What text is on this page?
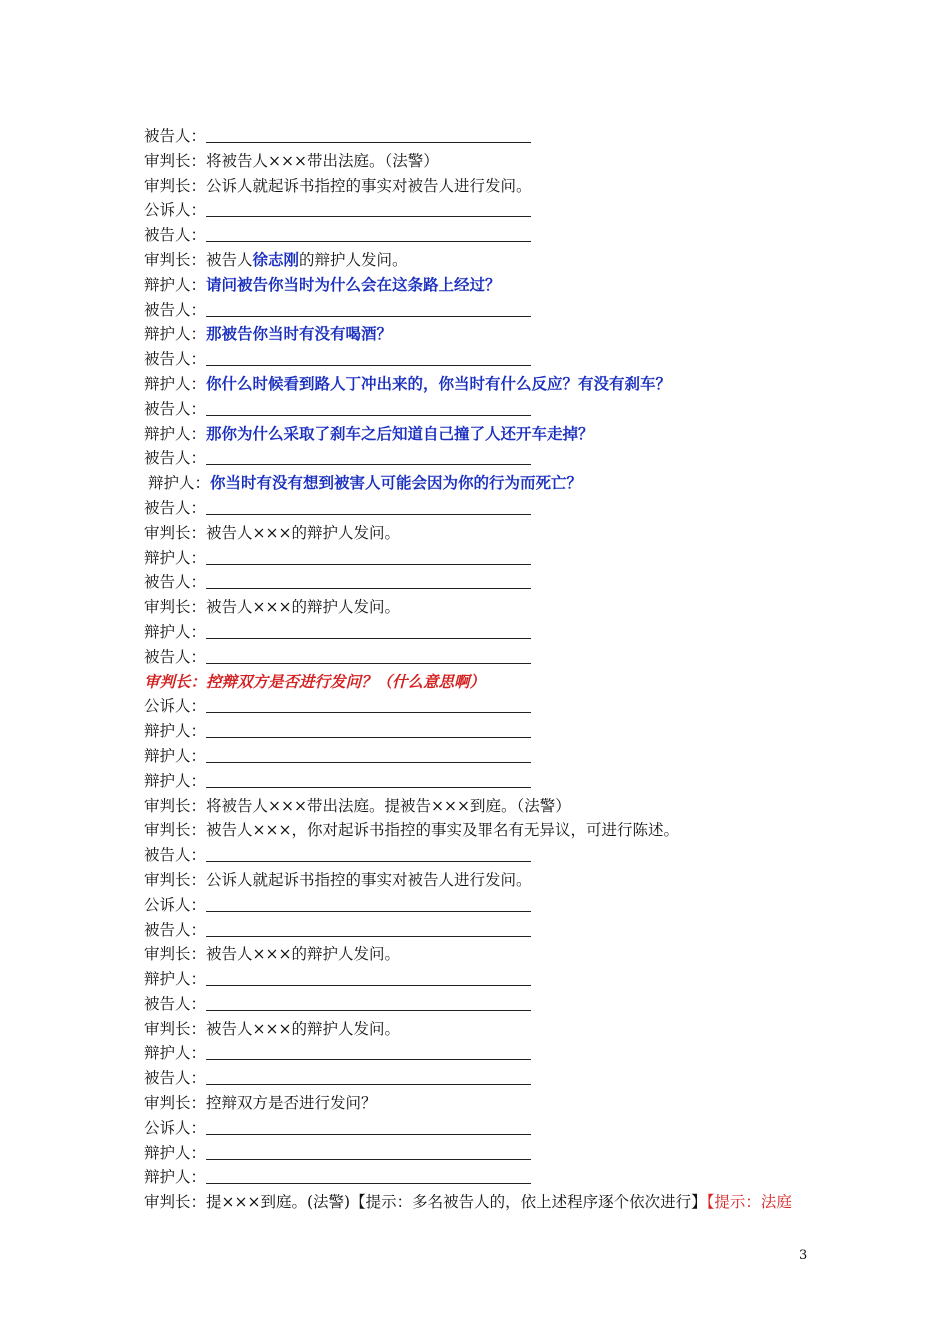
被告人：
审判长：将被告人×××带出法庭。（法警）
审判长：公诉人就起诉书指控的事实对被告人进行发问。
公诉人：
被告人：
审判长：被告人徐志刚的辩护人发问。
辩护人：请问被告你当时为什么会在这条路上经过？
被告人：
辩护人：那被告你当时有没有喝酒？
被告人：
辩护人：你什么时候看到路人丁冲出来的，你当时有什么反应？有没有刹车？
被告人：
辩护人：那你为什么采取了刹车之后知道自己撞了人还开车走掉？
被告人：
辩护人：你当时有没有想到被害人可能会因为你的行为而死亡？
被告人：
审判长：被告人×××的辩护人发问。
辩护人：
被告人：
审判长：被告人×××的辩护人发问。
辩护人：
被告人：
审判长：控辩双方是否进行发问？（什么意思啊）
公诉人：
辩护人：
辩护人：
辩护人：
审判长：将被告人×××带出法庭。提被告×××到庭。（法警）
审判长：被告人×××，你对起诉书指控的事实及罪名有无异议，可进行陈述。
被告人：
审判长：公诉人就起诉书指控的事实对被告人进行发问。
公诉人：
被告人：
审判长：被告人×××的辩护人发问。
辩护人：
被告人：
审判长：被告人×××的辩护人发问。
辩护人：
被告人：
审判长：控辩双方是否进行发问？
公诉人：
辩护人：
辩护人：
审判长：提×××到庭。(法警)【提示：多名被告人的，依上述程序逐个依次进行】【提示：法庭
3
